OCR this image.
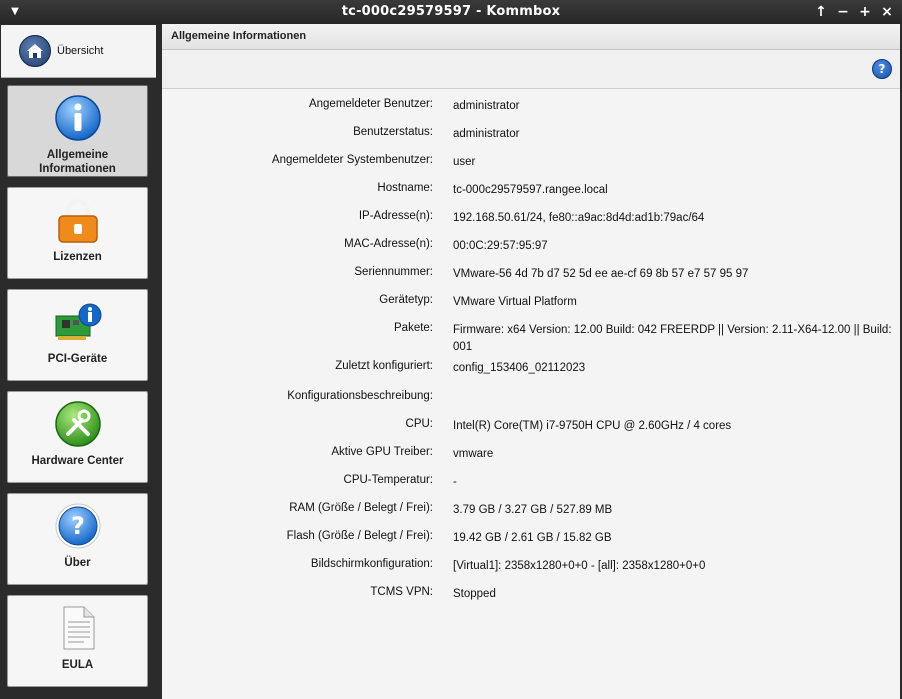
▼	tc-000c29579597 - Kommbox	↑ − + ×
Übersicht
Allgemeine
Informationen
Lizenzen
PCI-Geräte
Hardware Center
?
Über
EULA
Allgemeine Informationen
?
Angemeldeter Benutzer: administrator
Benutzerstatus: administrator
Angemeldeter Systembenutzer: user
Hostname: tc-000c29579597.rangee.local
IP-Adresse(n): 192.168.50.61/24, fe80::a9ac:8d4d:ad1b:79ac/64
MAC-Adresse(n): 00:0C:29:57:95:97
Seriennummer: VMware-56 4d 7b d7 52 5d ee ae-cf 69 8b 57 e7 57 95 97
Gerätetyp: VMware Virtual Platform
Pakete: Firmware: x64 Version: 12.00 Build: 042 FREERDP || Version: 2.11-X64-12.00 || Build: 001
Zuletzt konfiguriert: config_153406_02112023
Konfigurationsbeschreibung:
CPU: Intel(R) Core(TM) i7-9750H CPU @ 2.60GHz / 4 cores
Aktive GPU Treiber: vmware
CPU-Temperatur: -
RAM (Größe / Belegt / Frei): 3.79 GB / 3.27 GB / 527.89 MB
Flash (Größe / Belegt / Frei): 19.42 GB / 2.61 GB / 15.82 GB
Bildschirmkonfiguration: [Virtual1]: 2358x1280+0+0 - [all]: 2358x1280+0+0
TCMS VPN: Stopped
